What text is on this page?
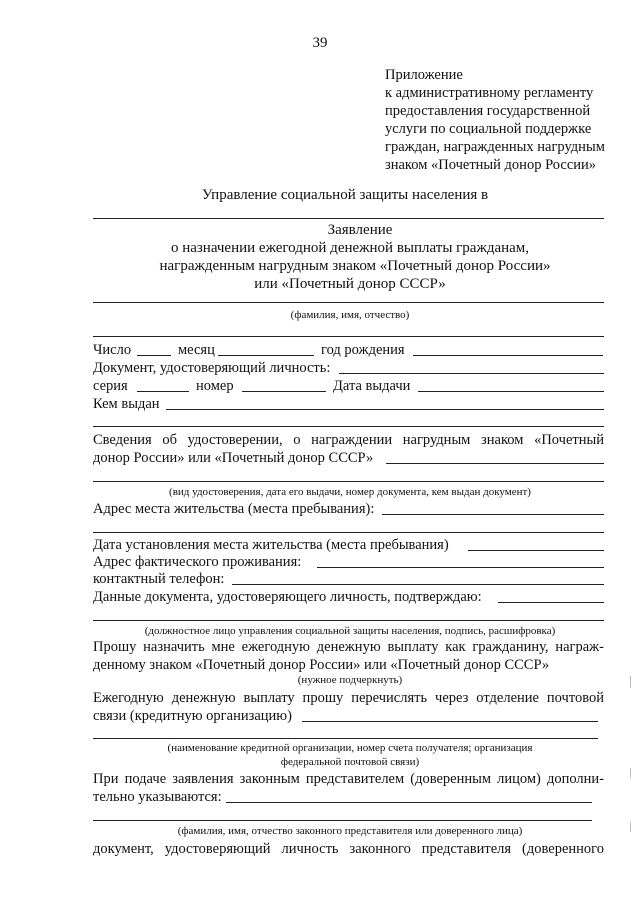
39
Приложение
к административному регламенту
предоставления государственной
услуги по социальной поддержке
граждан, награжденных нагрудным
знаком «Почетный донор России»
Управление социальной защиты населения в
Заявление
о назначении ежегодной денежной выплаты гражданам,
награжденным нагрудным знаком «Почетный донор России»
или «Почетный донор СССР»
(фамилия, имя, отчество)
Число	месяц	год рождения
Документ, удостоверяющий личность:
серия	номер	Дата выдачи
Кем выдан
Сведения об удостоверении, о награждении нагрудным знаком «Почетный
донор России» или «Почетный донор СССР»
(вид удостоверения, дата его выдачи, номер документа, кем выдан документ)
Адрес места жительства (места пребывания):
Дата установления места жительства (места пребывания)
Адрес фактического проживания:
контактный телефон:
Данные документа, удостоверяющего личность, подтверждаю:
(должностное лицо управления социальной защиты населения, подпись, расшифровка)
Прошу назначить мне ежегодную денежную выплату как гражданину, награж-
денному знаком «Почетный донор России» или «Почетный донор СССР»
(нужное подчеркнуть)
Ежегодную денежную выплату прошу перечислять через отделение почтовой
связи (кредитную организацию)
(наименование кредитной организации, номер счета получателя; организация
федеральной почтовой связи)
При подаче заявления законным представителем (доверенным лицом) дополни-
тельно указываются:
(фамилия, имя, отчество законного представителя или доверенного лица)
документ, удостоверяющий личность законного представителя (доверенного
